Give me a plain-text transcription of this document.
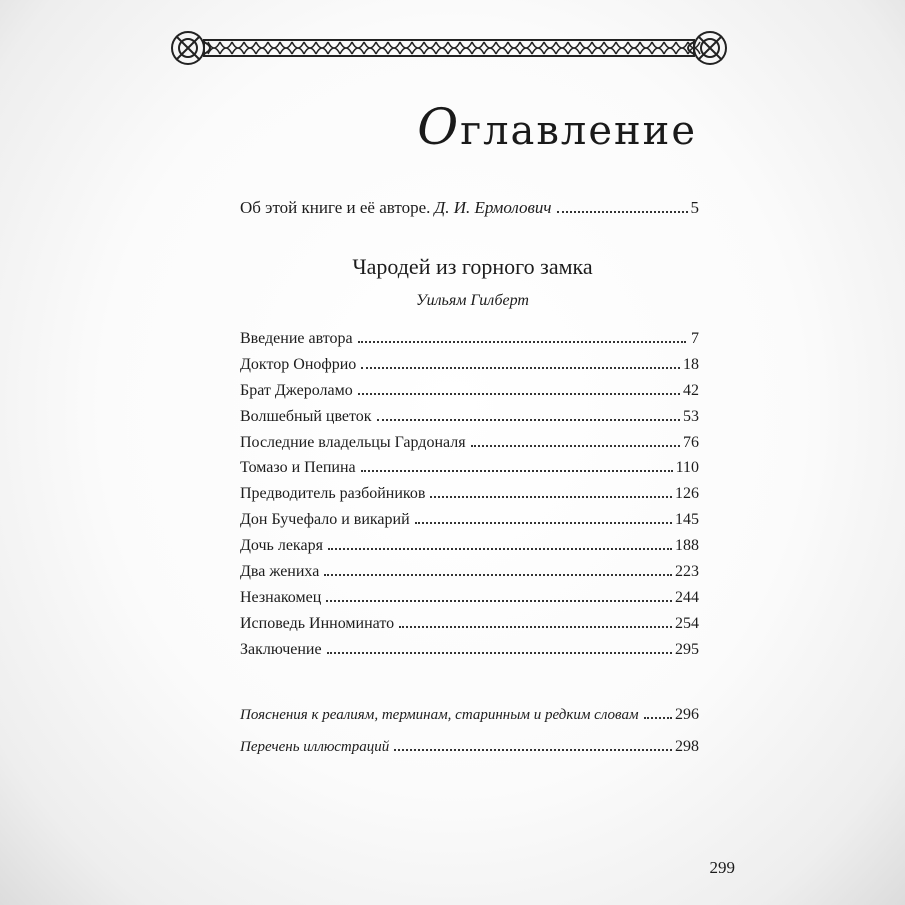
Оглавление
Об этой книге и её авторе. Д. И. Ермолович	5
Чародей из горного замка
Уильям Гилберт
Введение автора	7
Доктор Онофрио	18
Брат Джероламо	42
Волшебный цветок	53
Последние владельцы Гардоналя	76
Томазо и Пепина	110
Предводитель разбойников	126
Дон Бучефало и викарий	145
Дочь лекаря	188
Два жениха	223
Незнакомец	244
Исповедь Инноминато	254
Заключение	295
Пояснения к реалиям, терминам, старинным и редким словам 296
Перечень иллюстраций	298
299
